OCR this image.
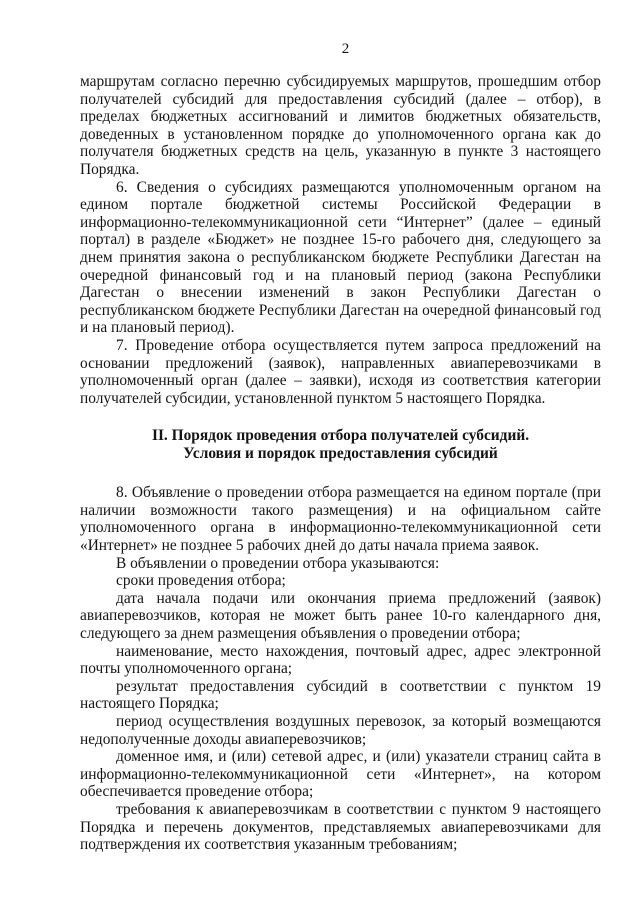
2

маршрутам согласно перечню субсидируемых маршрутов, прошедшим отбор получателей субсидий для предоставления субсидий (далее – отбор), в пределах бюджетных ассигнований и лимитов бюджетных обязательств, доведенных в установленном порядке до уполномоченного органа как до получателя бюджетных средств на цель, указанную в пункте 3 настоящего Порядка.

6. Сведения о субсидиях размещаются уполномоченным органом на едином портале бюджетной системы Российской Федерации в информационно-телекоммуникационной сети “Интернет” (далее – единый портал) в разделе «Бюджет» не позднее 15-го рабочего дня, следующего за днем принятия закона о республиканском бюджете Республики Дагестан на очередной финансовый год и на плановый период (закона Республики Дагестан о внесении изменений в закон Республики Дагестан о республиканском бюджете Республики Дагестан на очередной финансовый год и на плановый период).

7. Проведение отбора осуществляется путем запроса предложений на основании предложений (заявок), направленных авиаперевозчиками в уполномоченный орган (далее – заявки), исходя из соответствия категории получателей субсидии, установленной пунктом 5 настоящего Порядка.

II. Порядок проведения отбора получателей субсидий.
Условия и порядок предоставления субсидий

8. Объявление о проведении отбора размещается на едином портале (при наличии возможности такого размещения) и на официальном сайте уполномоченного органа в информационно-телекоммуникационной сети «Интернет» не позднее 5 рабочих дней до даты начала приема заявок.

В объявлении о проведении отбора указываются:

сроки проведения отбора;

дата начала подачи или окончания приема предложений (заявок) авиаперевозчиков, которая не может быть ранее 10-го календарного дня, следующего за днем размещения объявления о проведении отбора;

наименование, место нахождения, почтовый адрес, адрес электронной почты уполномоченного органа;

результат предоставления субсидий в соответствии с пунктом 19 настоящего Порядка;

период осуществления воздушных перевозок, за который возмещаются недополученные доходы авиаперевозчиков;

доменное имя, и (или) сетевой адрес, и (или) указатели страниц сайта в информационно-телекоммуникационной сети «Интернет», на котором обеспечивается проведение отбора;

требования к авиаперевозчикам в соответствии с пунктом 9 настоящего Порядка и перечень документов, представляемых авиаперевозчиками для подтверждения их соответствия указанным требованиям;
